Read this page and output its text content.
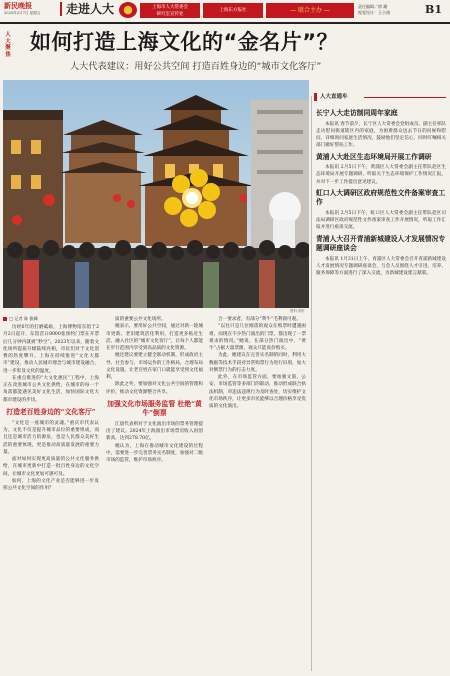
新民晚报
2025年2月7日 星期五	走进人大	上海市人大常委会
研究室宣传处
上海东方报社	— 联合主办 —
责任编辑／徐 珊
视觉设计：王小翔	B1
人大聚焦
如何打造上海文化的“金名片”？
人大代表建议：用好公共空间 打造百姓身边的“城市文化客厅”
资料 图片
□ 记者 陈 雅卿

历经6年的打磨砥砺，上海博物馆东馆于2月2日起开，东馆首日8000张预约门票在开票后几分钟内就被“秒空”。2023年以来，随着文化场所提质升级陆续亮相，市民们对于文化消费的热度攀升。上海在持续推进“文化大都市”建设，推动人民城市理念与城市建设融合，进一步彰显文化的温度。

在重点推进的“大文化惠民”工程中，上海正在改进城市公共文化供给，在城市的每一个角落都能遇见美好文化生活，加快国际文化大都市建设的步伐。

打造老百姓身边的“文化客厅”

“文化是一座城市的灵魂。”重庆市代表认为，文化不仅是提升城市品位的重要组成，而且还是城市活力的源泉，也是人民群众美好生活的重要体现，更是推动高质量发展的重要力量。

面对如何实现更高质量的公共文化服务供给，在城市更新中打造一批百姓身边的文化空间，让城市文化更加可感可及。

如何，上海的文化产业是否能够进一步发挥公共文化空间的作用？

质的重要公共文化场所。

她表示，要用好公共空间，通过对新一轮城市更新、老旧建筑活化利用，打造更多贴近生活、融入社区的“城市文化客厅”，让每个人都能在步行范围内享受到高品质的文化资源。

她还建议要建立健全联动机制，形成政府主导、社会参与、市场运作的工作格局，合理布局文化设施，让老百姓在家门口就能享受到文化福利。

除此之外，要加强对文化公共空间的管理和评价，推动文化资源整合共享。

加强文化市场服务监管 杜绝“黄牛”倒票

江晨代表则对于文化演出市场的票务管理提出了建议。2024年上海演出市场票房收入再创新高，达到278.70亿。

她认为，上海在推动城市文化建设的过程中，需要进一步完善票务实名制度，加强对二级市场的监管，维护市场秩序。

合一要求者，有部分“黄牛”毛利润可观。

“以往只是几位刚需的观众在购票时遭遇困难，而现在不少热门演出的门票，都出现了一票难求的情况。”她说，在部分热门演出中，“黄牛”占据大量票源，观众只能高价购买。

为此，她建议在完善实名制的同时，利用大数据等技术手段对异常购票行为进行识别，加大对倒票行为的打击力度。

此外，在市场监管方面，要加强文旅、公安、市场监管等多部门的联动，推动形成联合执法机制，对违法违规行为及时查处，切实维护文化市场秩序，让更多市民能够以合理价格享受优质的文化演出。

人大直通车
长宁人大走访制同周年家庭

本报讯 春节前夕，长宁区人大常委会党组成员、副主任率队走访慰问街道辖区内的家庭，为困难群众送去节日的问候和慰问，详细询问家庭生活情况，鼓励他们坚定信心，同时叮嘱相关部门做好帮扶工作。

黄浦人大赴区生态环境局开展工作调研

本报讯 2月5日下午，黄浦区人大常委会副主任带队赴区生态环境局开展专题调研，听取关于生态环境保护工作情况汇报，并对下一步工作提出意见建议。

虹口人大调研区政府规范性文件备案审查工作

本报讯 2月5日下午，虹口区人大常委会副主任带队赴区司法局调研区政府规范性文件备案审查工作开展情况，听取工作汇报并进行座谈交流。

青浦人大召开青浦新城建设人才发展情况专题调研座谈会

本报讯 1月31日上午，青浦区人大常委会召开青浦新城建设人才发展情况专题调研座谈会，与会人员围绕人才引进、培养、服务保障等方面进行了深入交流，为新城建设建言献策。
